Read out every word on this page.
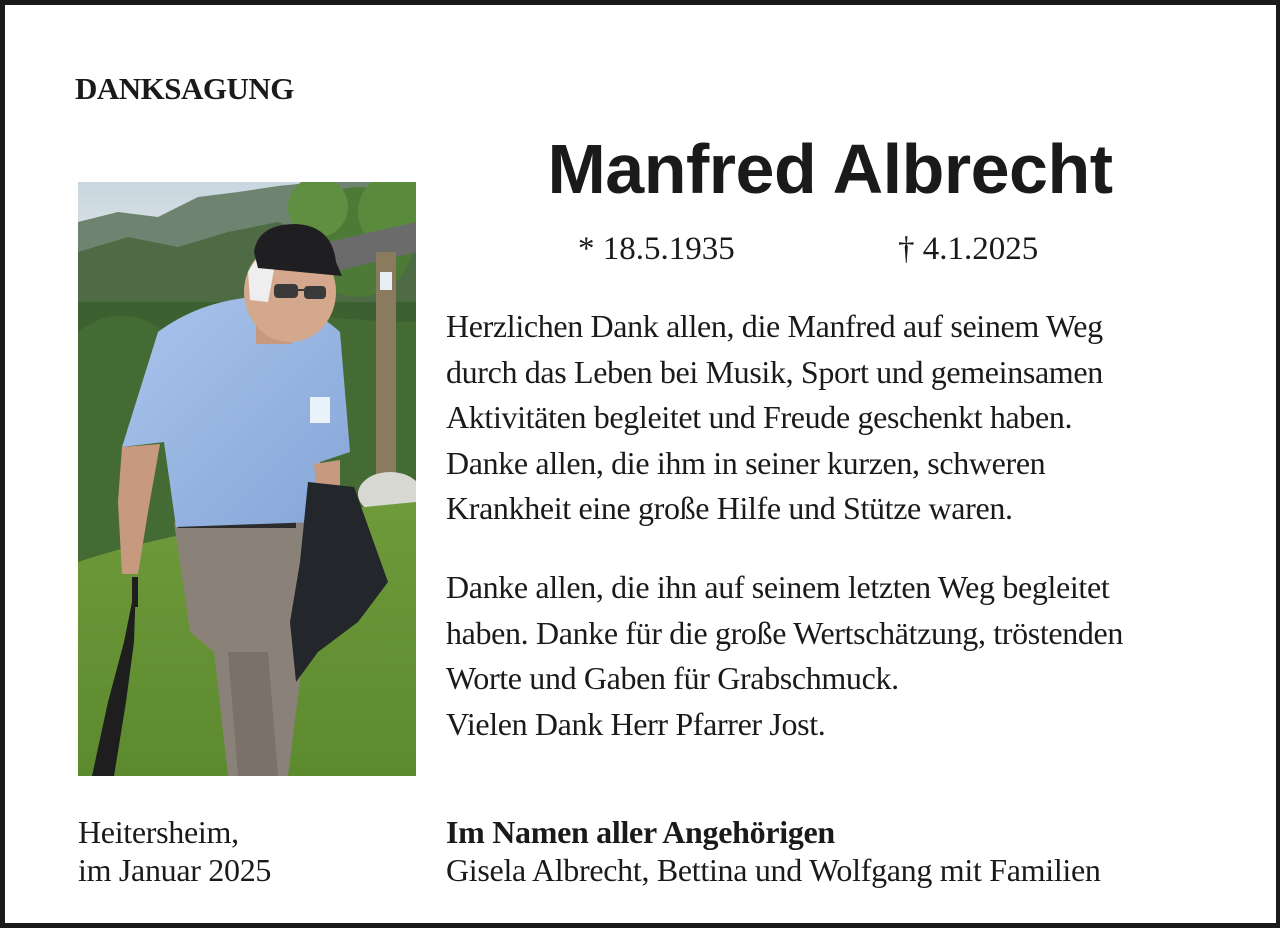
DANKSAGUNG
Manfred Albrecht
* 18.5.1935	† 4.1.2025
Herzlichen Dank allen, die Manfred auf seinem Weg
durch das Leben bei Musik, Sport und gemeinsamen
Aktivitäten begleitet und Freude geschenkt haben.
Danke allen, die ihm in seiner kurzen, schweren
Krankheit eine große Hilfe und Stütze waren.
Danke allen, die ihn auf seinem letzten Weg begleitet
haben. Danke für die große Wertschätzung, tröstenden
Worte und Gaben für Grabschmuck.
Vielen Dank Herr Pfarrer Jost.
Heitersheim,
im Januar 2025
Im Namen aller Angehörigen
Gisela Albrecht, Bettina und Wolfgang mit Familien
